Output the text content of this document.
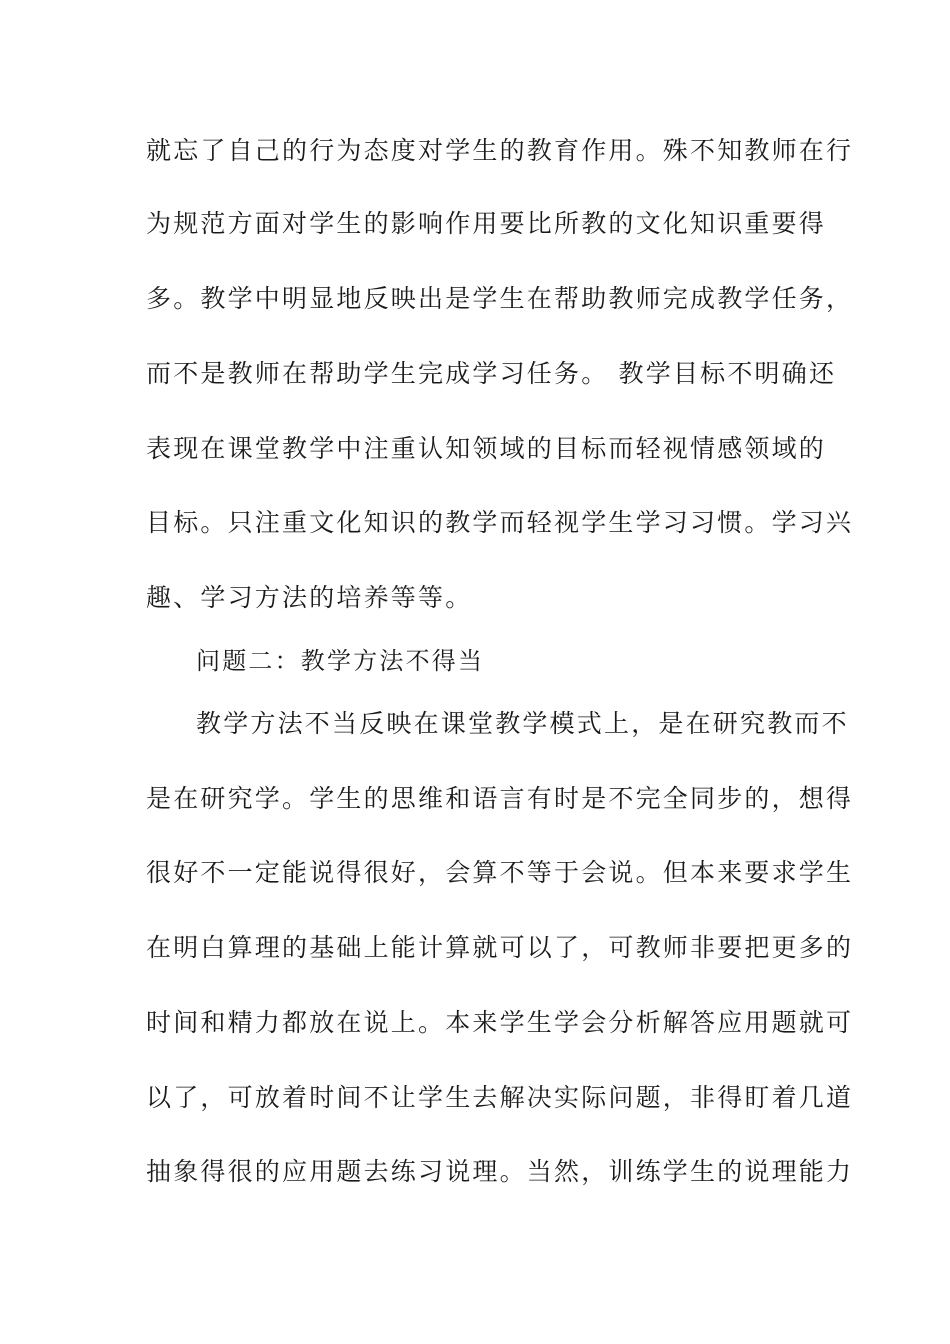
就忘了自己的行为态度对学生的教育作用。殊不知教师在行
为规范方面对学生的影响作用要比所教的文化知识重要得
多。教学中明显地反映出是学生在帮助教师完成教学任务，
而不是教师在帮助学生完成学习任务。 教学目标不明确还
表现在课堂教学中注重认知领域的目标而轻视情感领域的
目标。只注重文化知识的教学而轻视学生学习习惯。学习兴
趣、学习方法的培养等等。
问题二：教学方法不得当
教学方法不当反映在课堂教学模式上，是在研究教而不
是在研究学。学生的思维和语言有时是不完全同步的，想得
很好不一定能说得很好，会算不等于会说。但本来要求学生
在明白算理的基础上能计算就可以了，可教师非要把更多的
时间和精力都放在说上。本来学生学会分析解答应用题就可
以了，可放着时间不让学生去解决实际问题，非得盯着几道
抽象得很的应用题去练习说理。当然，训练学生的说理能力
